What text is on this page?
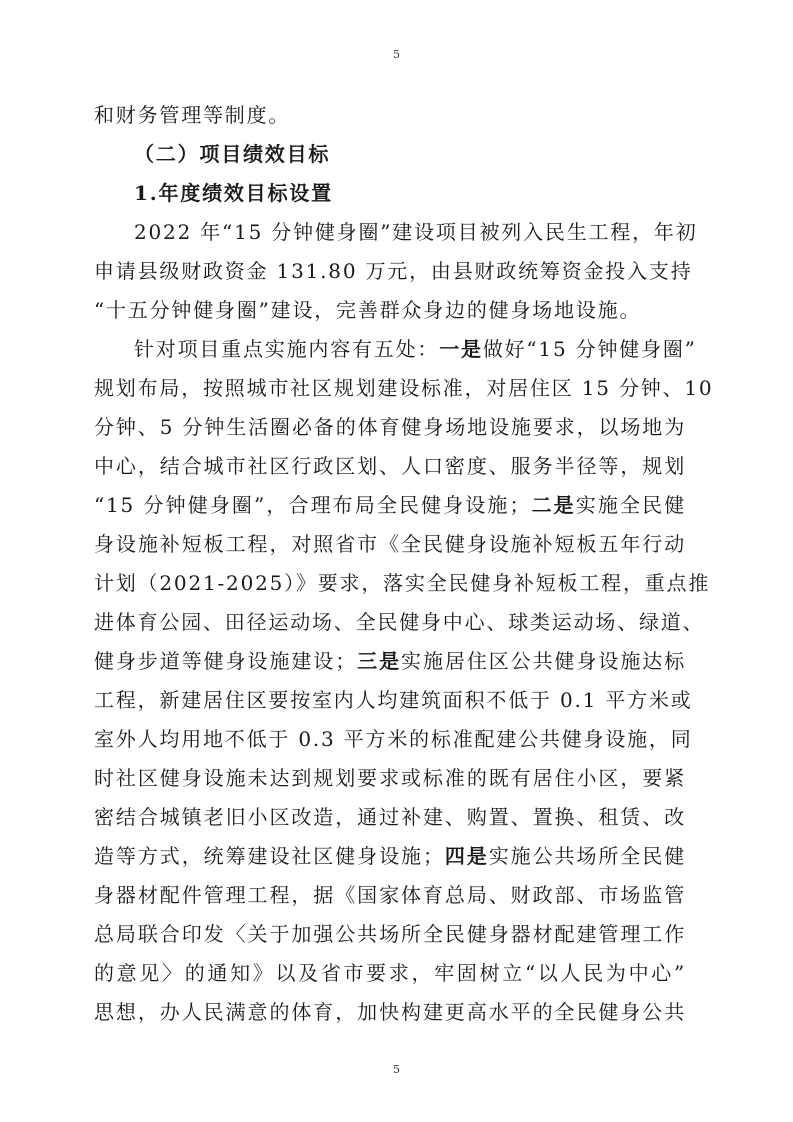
5
和财务管理等制度。
（二）项目绩效目标
1.年度绩效目标设置
2022 年“15 分钟健身圈”建设项目被列入民生工程，年初
申请县级财政资金 131.80 万元，由县财政统筹资金投入支持
“十五分钟健身圈”建设，完善群众身边的健身场地设施。
针对项目重点实施内容有五处：一是做好“15 分钟健身圈”
规划布局，按照城市社区规划建设标准，对居住区 15 分钟、10
分钟、5 分钟生活圈必备的体育健身场地设施要求，以场地为
中心，结合城市社区行政区划、人口密度、服务半径等，规划
“15 分钟健身圈”，合理布局全民健身设施；二是实施全民健
身设施补短板工程，对照省市《全民健身设施补短板五年行动
计划（2021-2025）》要求，落实全民健身补短板工程，重点推
进体育公园、田径运动场、全民健身中心、球类运动场、绿道、
健身步道等健身设施建设；三是实施居住区公共健身设施达标
工程，新建居住区要按室内人均建筑面积不低于 0.1 平方米或
室外人均用地不低于 0.3 平方米的标准配建公共健身设施，同
时社区健身设施未达到规划要求或标准的既有居住小区，要紧
密结合城镇老旧小区改造，通过补建、购置、置换、租赁、改
造等方式，统筹建设社区健身设施；四是实施公共场所全民健
身器材配件管理工程，据《国家体育总局、财政部、市场监管
总局联合印发〈关于加强公共场所全民健身器材配建管理工作
的意见〉的通知》以及省市要求，牢固树立“以人民为中心”
思想，办人民满意的体育，加快构建更高水平的全民健身公共
5
